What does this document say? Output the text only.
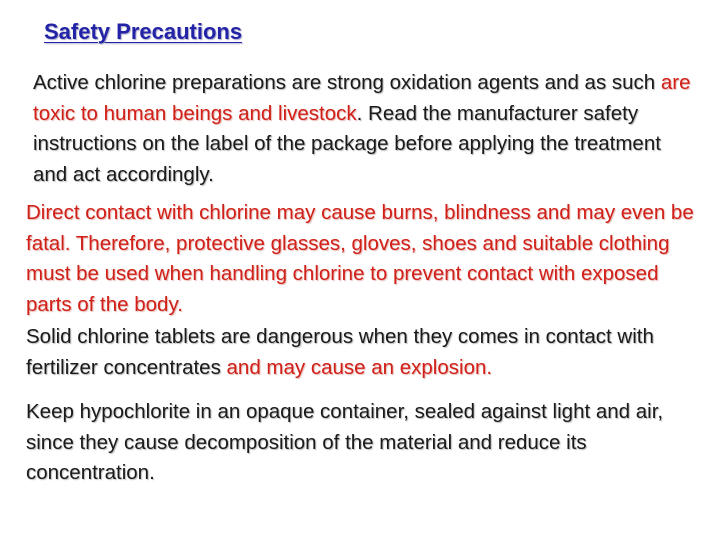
Safety Precautions

Active chlorine preparations are strong oxidation agents and as such are toxic to human beings and livestock. Read the manufacturer safety instructions on the label of the package before applying the treatment and act accordingly.

Direct contact with chlorine may cause burns, blindness and may even be fatal. Therefore, protective glasses, gloves, shoes and suitable clothing must be used when handling chlorine to prevent contact with exposed parts of the body.

Solid chlorine tablets are dangerous when they comes in contact with fertilizer concentrates and may cause an explosion.

Keep hypochlorite in an opaque container, sealed against light and air, since they cause decomposition of the material and reduce its concentration.
